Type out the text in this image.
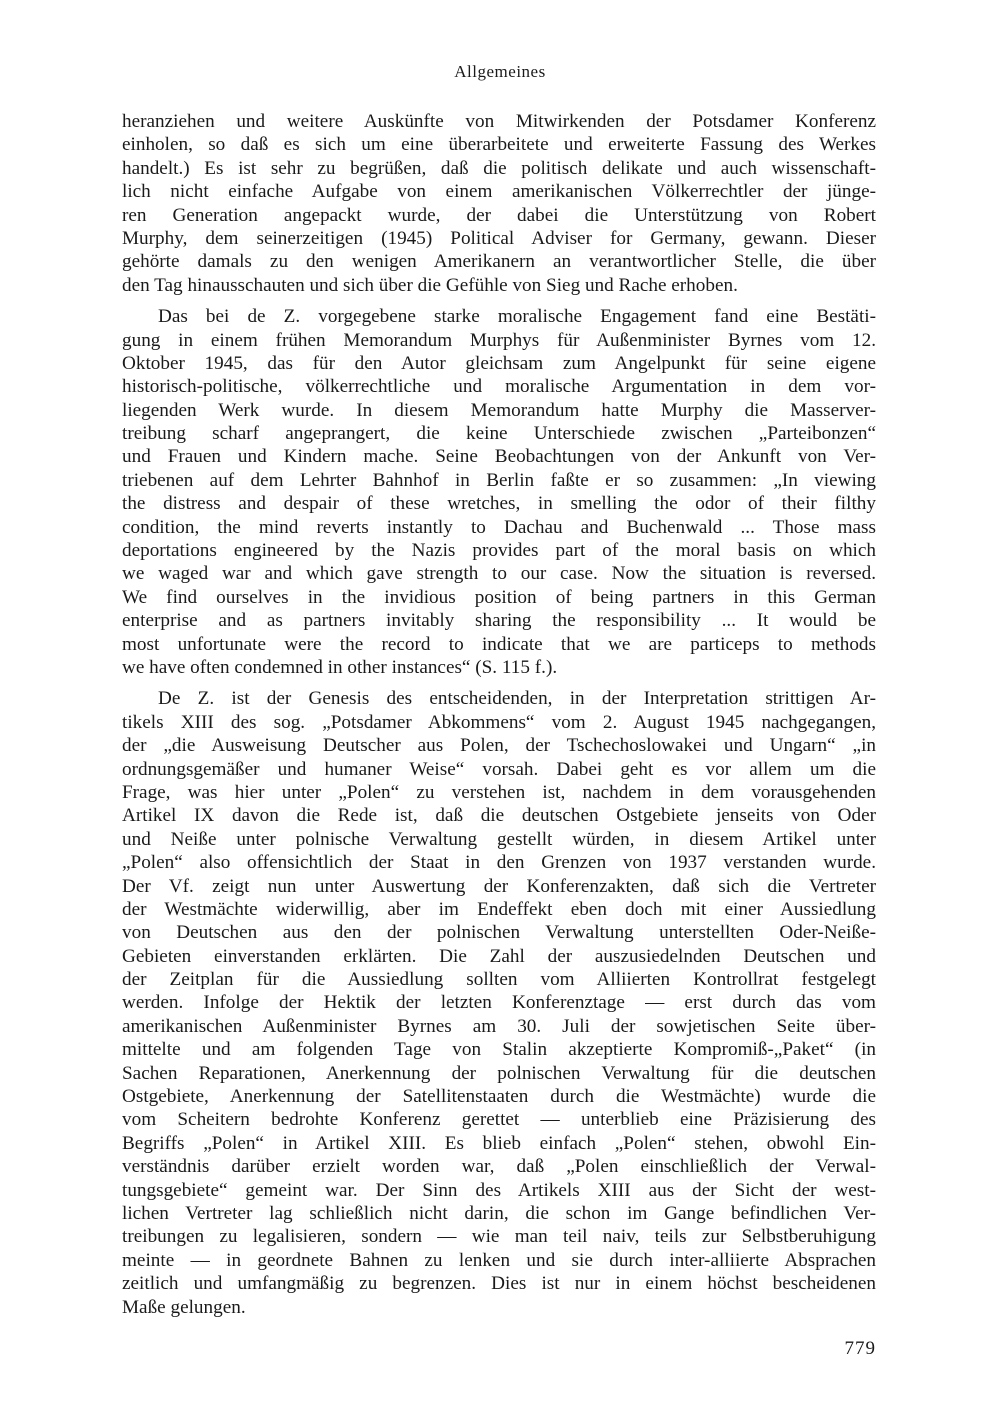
Allgemeines
heranziehen und weitere Auskünfte von Mitwirkenden der Potsdamer Konferenz
einholen, so daß es sich um eine überarbeitete und erweiterte Fassung des Werkes
handelt.) Es ist sehr zu begrüßen, daß die politisch delikate und auch wissenschaft-
lich nicht einfache Aufgabe von einem amerikanischen Völkerrechtler der jünge-
ren Generation angepackt wurde, der dabei die Unterstützung von Robert
Murphy, dem seinerzeitigen (1945) Political Adviser for Germany, gewann. Dieser
gehörte damals zu den wenigen Amerikanern an verantwortlicher Stelle, die über
den Tag hinausschauten und sich über die Gefühle von Sieg und Rache erhoben.
Das bei de Z. vorgegebene starke moralische Engagement fand eine Bestäti-
gung in einem frühen Memorandum Murphys für Außenminister Byrnes vom 12.
Oktober 1945, das für den Autor gleichsam zum Angelpunkt für seine eigene
historisch-politische, völkerrechtliche und moralische Argumentation in dem vor-
liegenden Werk wurde. In diesem Memorandum hatte Murphy die Masserver-
treibung scharf angeprangert, die keine Unterschiede zwischen „Parteibonzen“
und Frauen und Kindern mache. Seine Beobachtungen von der Ankunft von Ver-
triebenen auf dem Lehrter Bahnhof in Berlin faßte er so zusammen: „In viewing
the distress and despair of these wretches, in smelling the odor of their filthy
condition, the mind reverts instantly to Dachau and Buchenwald ... Those mass
deportations engineered by the Nazis provides part of the moral basis on which
we waged war and which gave strength to our case. Now the situation is reversed.
We find ourselves in the invidious position of being partners in this German
enterprise and as partners invitably sharing the responsibility ... It would be
most unfortunate were the record to indicate that we are particeps to methods
we have often condemned in other instances“ (S. 115 f.).
De Z. ist der Genesis des entscheidenden, in der Interpretation strittigen Ar-
tikels XIII des sog. „Potsdamer Abkommens“ vom 2. August 1945 nachgegangen,
der „die Ausweisung Deutscher aus Polen, der Tschechoslowakei und Ungarn“ „in
ordnungsgemäßer und humaner Weise“ vorsah. Dabei geht es vor allem um die
Frage, was hier unter „Polen“ zu verstehen ist, nachdem in dem vorausgehenden
Artikel IX davon die Rede ist, daß die deutschen Ostgebiete jenseits von Oder
und Neiße unter polnische Verwaltung gestellt würden, in diesem Artikel unter
„Polen“ also offensichtlich der Staat in den Grenzen von 1937 verstanden wurde.
Der Vf. zeigt nun unter Auswertung der Konferenzakten, daß sich die Vertreter
der Westmächte widerwillig, aber im Endeffekt eben doch mit einer Aussiedlung
von Deutschen aus den der polnischen Verwaltung unterstellten Oder-Neiße-
Gebieten einverstanden erklärten. Die Zahl der auszusiedelnden Deutschen und
der Zeitplan für die Aussiedlung sollten vom Alliierten Kontrollrat festgelegt
werden. Infolge der Hektik der letzten Konferenztage — erst durch das vom
amerikanischen Außenminister Byrnes am 30. Juli der sowjetischen Seite über-
mittelte und am folgenden Tage von Stalin akzeptierte Kompromiß-„Paket“ (in
Sachen Reparationen, Anerkennung der polnischen Verwaltung für die deutschen
Ostgebiete, Anerkennung der Satellitenstaaten durch die Westmächte) wurde die
vom Scheitern bedrohte Konferenz gerettet — unterblieb eine Präzisierung des
Begriffs „Polen“ in Artikel XIII. Es blieb einfach „Polen“ stehen, obwohl Ein-
verständnis darüber erzielt worden war, daß „Polen einschließlich der Verwal-
tungsgebiete“ gemeint war. Der Sinn des Artikels XIII aus der Sicht der west-
lichen Vertreter lag schließlich nicht darin, die schon im Gange befindlichen Ver-
treibungen zu legalisieren, sondern — wie man teil naiv, teils zur Selbstberuhigung
meinte — in geordnete Bahnen zu lenken und sie durch inter-alliierte Absprachen
zeitlich und umfangmäßig zu begrenzen. Dies ist nur in einem höchst bescheidenen
Maße gelungen.
779
